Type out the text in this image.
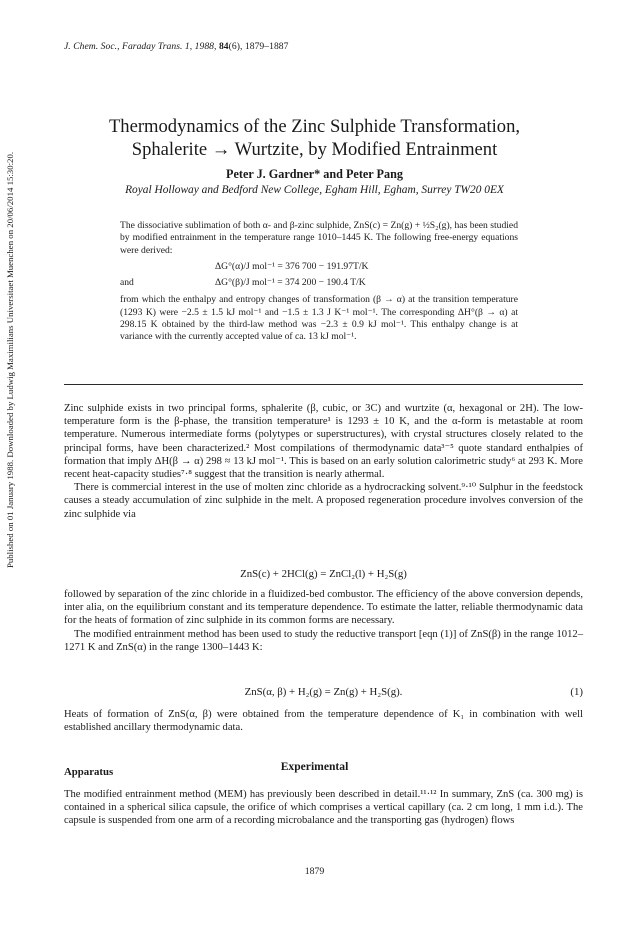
Published on 01 January 1988. Downloaded by Ludwig Maximilians Universitaet Muenchen on 20/06/2014 15:30:20.
J. Chem. Soc., Faraday Trans. 1, 1988, 84(6), 1879–1887
Thermodynamics of the Zinc Sulphide Transformation,
Sphalerite → Wurtzite, by Modified Entrainment
Peter J. Gardner* and Peter Pang
Royal Holloway and Bedford New College, Egham Hill, Egham, Surrey TW20 0EX

The dissociative sublimation of both α- and β-zinc sulphide, ZnS(c) = Zn(g) + ½S₂(g), has been studied by modified entrainment in the temperature range 1010–1445 K. The following free-energy equations were derived:

ΔG°(α)/J mol⁻¹ = 376 700 − 191.97T/K
and	ΔG°(β)/J mol⁻¹ = 374 200 − 190.4 T/K

from which the enthalpy and entropy changes of transformation (β → α) at the transition temperature (1293 K) were −2.5 ± 1.5 kJ mol⁻¹ and −1.5 ± 1.3 J K⁻¹ mol⁻¹. The corresponding ΔH°(β → α) at 298.15 K obtained by the third-law method was −2.3 ± 0.9 kJ mol⁻¹. This enthalpy change is at variance with the currently accepted value of ca. 13 kJ mol⁻¹.

Zinc sulphide exists in two principal forms, sphalerite (β, cubic, or 3C) and wurtzite (α, hexagonal or 2H). The low-temperature form is the β-phase, the transition temperature¹ is 1293 ± 10 K, and the α-form is metastable at room temperature. Numerous intermediate forms (polytypes or superstructures), with crystal structures closely related to the principal forms, have been characterized.² Most compilations of thermodynamic data³⁻⁵ quote standard enthalpies of formation that imply ΔH(β → α) 298 ≈ 13 kJ mol⁻¹. This is based on an early solution calorimetric study⁶ at 293 K. More recent heat-capacity studies⁷·⁸ suggest that the transition is nearly athermal.

There is commercial interest in the use of molten zinc chloride as a hydrocracking solvent.⁹·¹⁰ Sulphur in the feedstock causes a steady accumulation of zinc sulphide in the melt. A proposed regeneration procedure involves conversion of the zinc sulphide via

ZnS(c) + 2HCl(g) = ZnCl₂(l) + H₂S(g)

followed by separation of the zinc chloride in a fluidized-bed combustor. The efficiency of the above conversion depends, inter alia, on the equilibrium constant and its temperature dependence. To estimate the latter, reliable thermodynamic data for the heats of formation of zinc sulphide in its common forms are necessary.

The modified entrainment method has been used to study the reductive transport [eqn (1)] of ZnS(β) in the range 1012–1271 K and ZnS(α) in the range 1300–1443 K:

ZnS(α, β) + H₂(g) = Zn(g) + H₂S(g).	(1)

Heats of formation of ZnS(α, β) were obtained from the temperature dependence of K₁ in combination with well established ancillary thermodynamic data.

Experimental
Apparatus

The modified entrainment method (MEM) has previously been described in detail.¹¹·¹² In summary, ZnS (ca. 300 mg) is contained in a spherical silica capsule, the orifice of which comprises a vertical capillary (ca. 2 cm long, 1 mm i.d.). The capsule is suspended from one arm of a recording microbalance and the transporting gas (hydrogen) flows

1879
